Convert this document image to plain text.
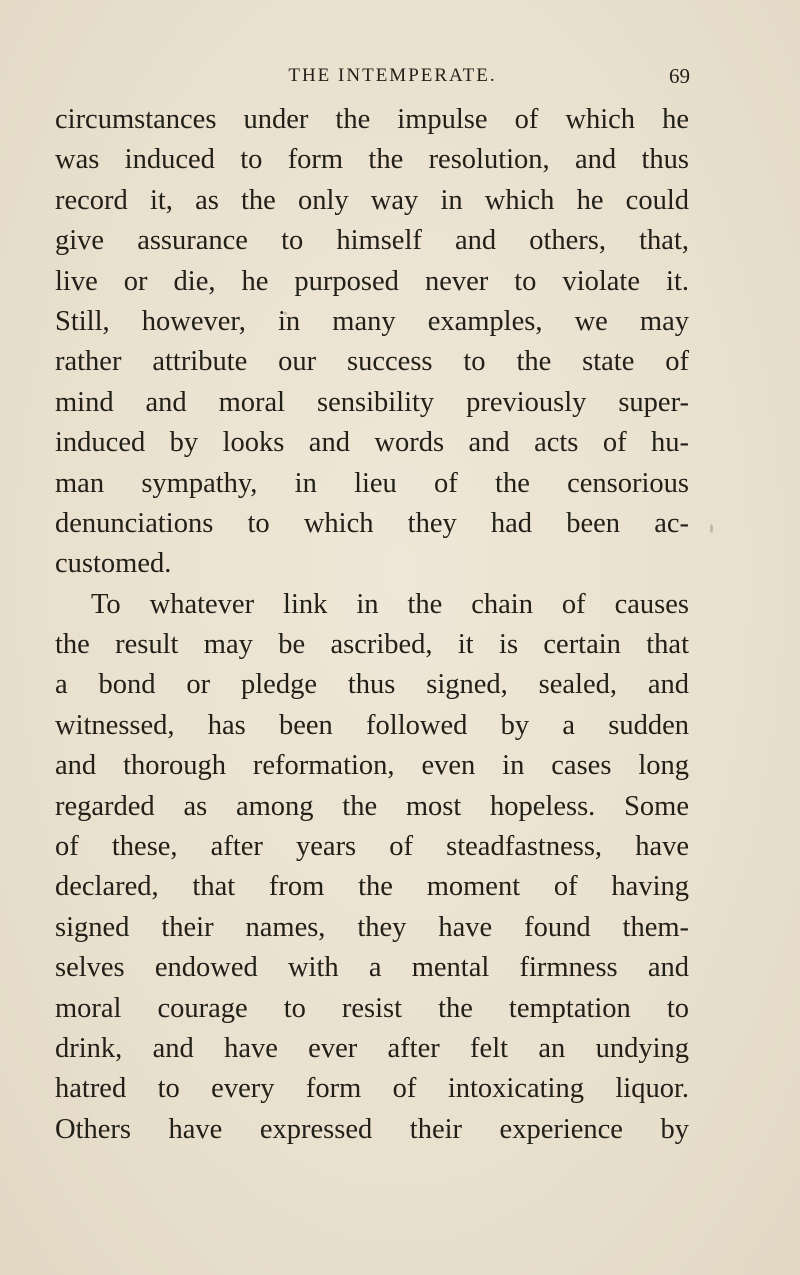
THE INTEMPERATE.	69
circumstances under the impulse of which he
was induced to form the resolution, and thus
record it, as the only way in which he could
give assurance to himself and others, that,
live or die, he purposed never to violate it.
Still, however, in many examples, we may
rather attribute our success to the state of
mind and moral sensibility previously super-
induced by looks and words and acts of hu-
man sympathy, in lieu of the censorious
denunciations to which they had been ac-
customed.
To whatever link in the chain of causes
the result may be ascribed, it is certain that
a bond or pledge thus signed, sealed, and
witnessed, has been followed by a sudden
and thorough reformation, even in cases long
regarded as among the most hopeless. Some
of these, after years of steadfastness, have
declared, that from the moment of having
signed their names, they have found them-
selves endowed with a mental firmness and
moral courage to resist the temptation to
drink, and have ever after felt an undying
hatred to every form of intoxicating liquor.
Others have expressed their experience by
